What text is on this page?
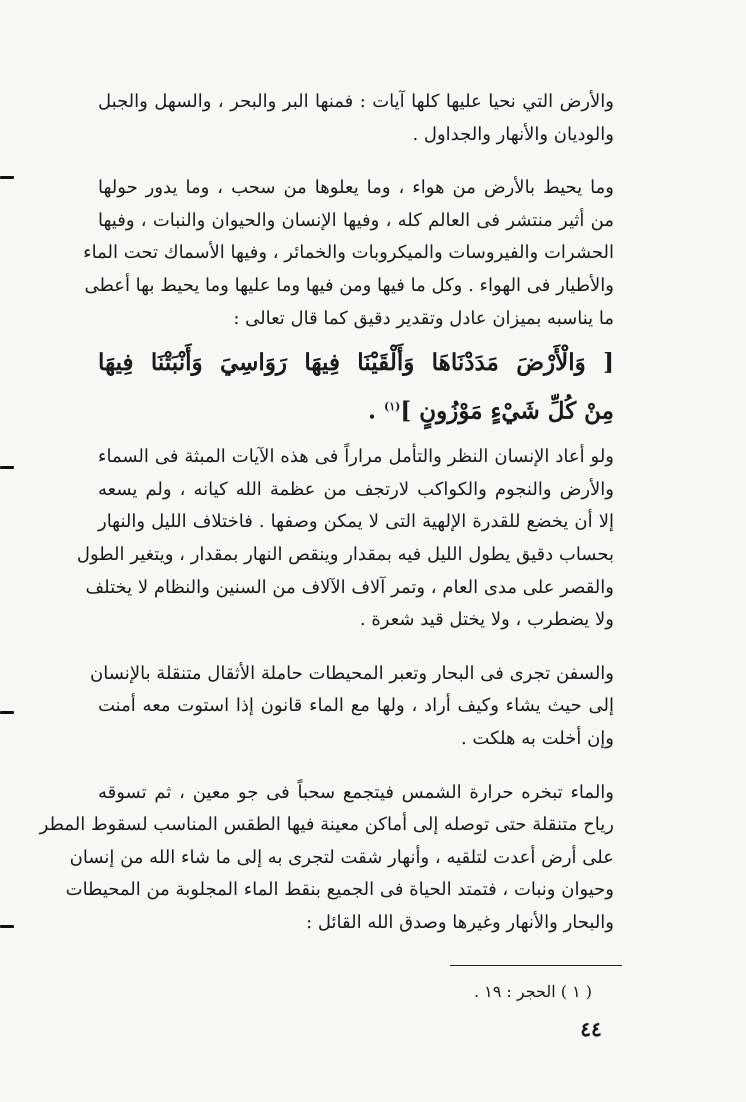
والأرض التي نحيا عليها كلها آيات : فمنها البر والبحر ، والسهل والجبل
والوديان والأنهار والجداول .
وما يحيط بالأرض من هواء ، وما يعلوها من سحب ، وما يدور حولها
من أثير منتشر فى العالم كله ، وفيها الإنسان والحيوان والنبات ، وفيها
الحشرات والفيروسات والميكروبات والخمائر ، وفيها الأسماك تحت الماء
والأطيار فى الهواء . وكل ما فيها ومن فيها وما عليها وما يحيط بها أعطى
ما يناسبه بميزان عادل وتقدير دقيق كما قال تعالى :
[ وَالْأَرْضَ مَدَدْنَاهَا وَأَلْقَيْنَا فِيهَا رَوَاسِيَ وَأَنْبَتْنَا فِيهَا
مِنْ كُلِّ شَيْءٍ مَوْزُونٍ ]$^{(١)}$ .
ولو أعاد الإنسان النظر والتأمل مراراً فى هذه الآيات المبثة فى السماء
والأرض والنجوم والكواكب لارتجف من عظمة الله كيانه ، ولم يسعه
إلا أن يخضع للقدرة الإلهية التى لا يمكن وصفها . فاختلاف الليل والنهار
بحساب دقيق يطول الليل فيه بمقدار وينقص النهار بمقدار ، ويتغير الطول
والقصر على مدى العام ، وتمر آلاف الآلاف من السنين والنظام لا يختلف
ولا يضطرب ، ولا يختل قيد شعرة .
والسفن تجرى فى البحار وتعبر المحيطات حاملة الأثقال متنقلة بالإنسان
إلى حيث يشاء وكيف أراد ، ولها مع الماء قانون إذا استوت معه أمنت
وإن أخلت به هلكت .
والماء تبخره حرارة الشمس فيتجمع سحباً فى جو معين ، ثم تسوقه
رياح متنقلة حتى توصله إلى أماكن معينة فيها الطقس المناسب لسقوط المطر
على أرض أعدت لتلقيه ، وأنهار شقت لتجرى به إلى ما شاء الله من إنسان
وحيوان ونبات ، فتمتد الحياة فى الجميع بنقط الماء المجلوبة من المحيطات
والبحار والأنهار وغيرها وصدق الله القائل :
( ١ ) الحجر : ١٩ .
٤٤
